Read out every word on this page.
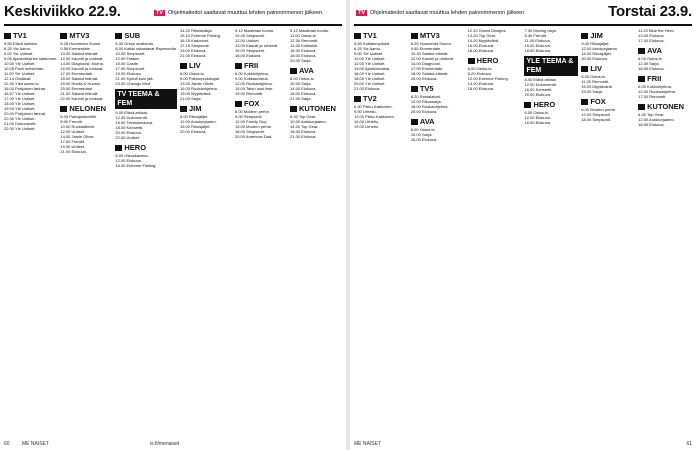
Keskiviikko 22.9.	TV Ohjelmatiedot saattavat muuttua lehden painoonmenon jälkeen.
TV1
5.55 Elävä luettelo.
6.25 Yle Aamu.
9.00 Yle Uutiset.
9.05 Ajankohtainen kakkonen.
10.00 Yle Uutiset.
10.05 Puoli seitsemän.
11.00 Yle Uutiset.
12.14 Oddasat.
12.30 Ylen aamu-tv.
15.00 Pohjoisen tarinat.
16.57 Yle Uutiset.
17.00 Yle Uutiset.
18.00 Yle Uutiset.
19.00 Yle Uutiset.
20.00 Pohjoisen tarinat.
20.30 Yle Uutiset.
21.00 Dokumentti.
22.00 Yle Uutiset.
MTV3
6.25 Huomenta Suomi.
9.55 Emmerdale.
10.30 Salatut elämät.
12.00 Kauniit ja rohkeat.
14.00 Diagnoosi: Murha.
16.00 Kauniit ja rohkeat.
17.00 Emmerdale.
18.00 Salatut elämät.
19.00 Huvila & Huussi.
20.00 Emmerdale.
21.00 Salatut elämät.
22.00 Kauniit ja rohkeat.
NELONEN
6.00 Painajaiskeittiö.
8.00 Frendit.
10.00 Ruokalähetti.
12.00 Uutiset.
14.00 Jamie Oliver.
17.00 Frendit.
19.30 Uutiset.
21.00 Elokuva.
SUB
6.30 Greyn anatomia.
8.00 Kaikki rakastavat Raymondia.
10.00 Simpsonit.
12.00 Frasier.
15.00 Castle.
17.00 Simpsonit.
19.00 Elokuva.
21.00 Kylmä kuin jää.
23.00 Chicago Med.
TV TEEMA & FEM
9.00 Elävä arkisto.
12.00 Dokumentti.
15.00 Teemaelokuva.
18.00 Konsertti.
20.00 Elokuva.
22.00 Uutiset.
HERO
8.00 Ostoskanava.
12.00 Elokuva.
16.00 Extreme Fishing.
14.20 Rikostutkija.
15.10 Extreme Fishing.
16.15 Kadonnut.
17.15 Simpsonit.
19.00 Elokuva.
21.00 Elokuva.
LIV
6.00 Ostos-tv.
9.00 Painonpudottajat.
13.00 Jamie Oliver.
16.00 Ruokaohjelma.
19.00 Myytävänä.
21.00 Sarja.
JIM
8.00 Rikosjäljet.
12.00 Autokorjaamo.
16.00 Rikosjäljet.
20.00 Elokuva.
9.12 Maailman luonto.
10.45 Simpsonit.
12.00 Uutiset.
13.00 Kauniit ja rohkeat.
15.00 Simpsonit.
18.00 Elokuva.
FRII
6.00 Kokkiohjelma.
9.00 Kotikaunistus.
12.00 Ruokaohjelma.
15.00 Talon uusi ilme.
19.00 Remontti.
FOX
6.00 Modern perhe.
9.00 Simpsonit.
12.00 Family Guy.
15.00 Modern perhe.
18.00 Simpsonit.
20.00 American Dad.
9.12 Maailman luonto.
11.00 Ostos-tv.
12.30 Remontti.
14.00 Kotikokki.
16.00 Elokuva.
18.00 Elokuva.
20.00 Sarja.
AVA
6.00 Ostos-tv.
10.00 Sarja.
14.00 Elokuva.
18.00 Elokuva.
21.00 Sarja.
KUTONEN
6.30 Top Gear.
10.00 Autokorjaamo.
14.00 Top Gear.
18.00 Elokuva.
21.00 Elokuva.
60 ME NAISET	is.fi/menaiset
TV Ohjelmatiedot saattavat muuttua lehden painoonmenon jälkeen.	Torstai 23.9.
TV1
5.55 Kultatumpilokit.
6.25 Yle Aamu.
9.00 Yle Uutiset.
10.00 Yle Uutiset.
12.00 Yle Uutiset.
13.00 Ajankohtaista.
16.00 Yle Uutiset.
18.00 Yle Uutiset.
20.00 Yle Uutiset.
21.00 Elokuva.
TV2
6.30 Pikku Kakkonen.
9.00 Urheilu.
12.00 Pikku Kakkonen.
16.00 Urheilu.
19.00 Urheilu.
MTV3
6.25 Huomenta Suomi.
9.55 Emmerdale.
10.30 Salatut elämät.
12.00 Kauniit ja rohkeat.
14.00 Diagnoosi.
17.00 Emmerdale.
18.00 Salatut elämät.
20.00 Elokuva.
TV5
8.20 Rantalaivat.
12.00 Rikossarja.
16.00 Ruokaohjelma.
20.00 Elokuva.
AVA
6.00 Ostos-tv.
10.00 Sarja.
16.00 Elokuva.
12.20 Grand Designs.
13.20 Top Gear.
14.20 Myytävänä.
16.00 Elokuva.
18.00 Elokuva.
HERO
6.00 Ostos-tv.
8.20 Elokuva.
10.00 Extreme Fishing.
14.00 Elokuva.
18.00 Elokuva.
7.40 Moving days.
8.40 Frendit.
11.00 Elokuva.
15.00 Elokuva.
18.00 Elokuva.
YLE TEEMA & FEM
8.00 Elävä arkisto.
12.00 Dokumentti.
16.00 Konsertti.
20.00 Elokuva.
HERO
6.00 Ostos-tv.
12.00 Elokuva.
16.00 Elokuva.
JIM
9.00 Rikosjäljet.
12.00 Autokorjaamo.
15.00 Rikosjäljet.
20.00 Elokuva.
LIV
6.00 Ostos-tv.
11.00 Remontti.
15.00 Myytävänä.
19.00 Sarja.
FOX
6.00 Modern perhe.
12.00 Simpsonit.
18.00 Simpsonit.
11.20 Blue the Hero.
13.00 Elokuva.
17.00 Elokuva.
AVA
6.00 Ostos-tv.
12.00 Sarja.
18.00 Elokuva.
FRII
6.00 Kokkiohjelma.
12.00 Ruokaohjelma.
17.00 Remontti.
KUTONEN
6.30 Top Gear.
12.00 Autokorjaamo.
18.00 Elokuva.
ME NAISET	61
